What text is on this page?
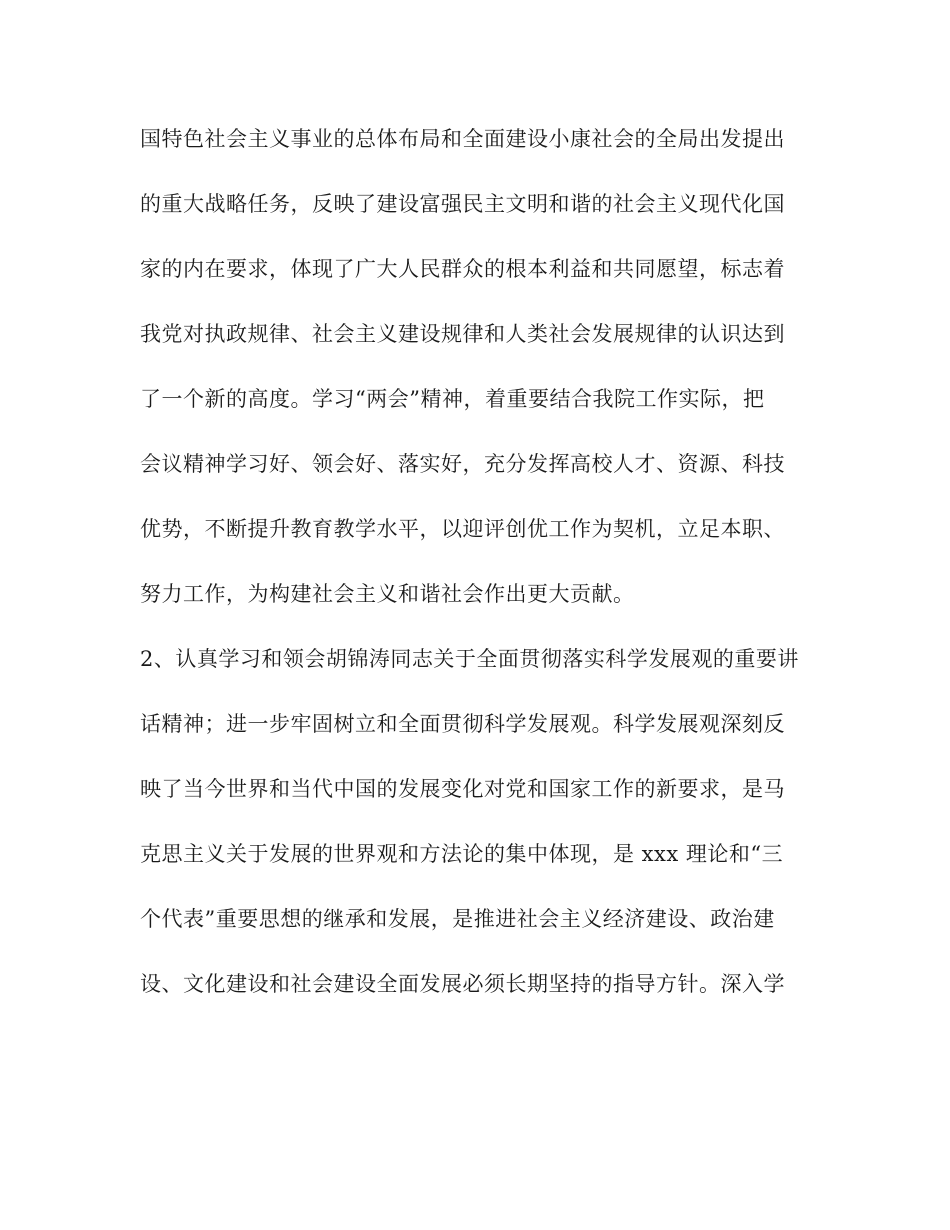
国特色社会主义事业的总体布局和全面建设小康社会的全局出发提出
的重大战略任务，反映了建设富强民主文明和谐的社会主义现代化国
家的内在要求，体现了广大人民群众的根本利益和共同愿望，标志着
我党对执政规律、社会主义建设规律和人类社会发展规律的认识达到
了一个新的高度。学习“两会”精神，着重要结合我院工作实际，把
会议精神学习好、领会好、落实好，充分发挥高校人才、资源、科技
优势，不断提升教育教学水平，以迎评创优工作为契机，立足本职、
努力工作，为构建社会主义和谐社会作出更大贡献。
2、认真学习和领会胡锦涛同志关于全面贯彻落实科学发展观的重要讲
话精神；进一步牢固树立和全面贯彻科学发展观。科学发展观深刻反
映了当今世界和当代中国的发展变化对党和国家工作的新要求，是马
克思主义关于发展的世界观和方法论的集中体现，是 xxx 理论和“三
个代表”重要思想的继承和发展，是推进社会主义经济建设、政治建
设、文化建设和社会建设全面发展必须长期坚持的指导方针。深入学
